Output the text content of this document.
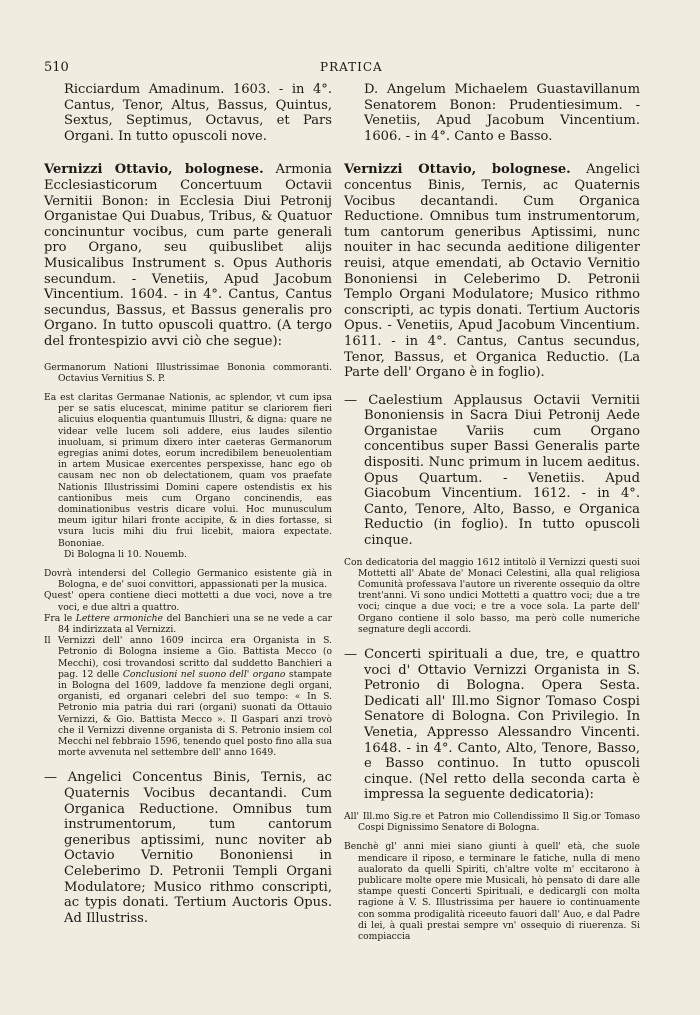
510	PRATICA

Ricciardum Amadinum. 1603. - in 4°. Cantus, Tenor, Altus, Bassus, Quintus, Sextus, Septimus, Octavus, et Pars Organi. In tutto opuscoli nove.

Vernizzi Ottavio, bolognese. Armonia Ecclesiasticorum Concertuum Octavii Vernitii Bonon: in Ecclesia Diui Petronij Organistae Qui Duabus, Tribus, & Quatuor concinuntur vocibus, cum parte generali pro Organo, seu quibuslibet alijs Musicalibus Instrument s. Opus Authoris secundum. - Venetiis, Apud Jacobum Vincentium. 1604. - in 4°. Cantus, Cantus secundus, Bassus, et Bassus generalis pro Organo. In tutto opuscoli quattro. (A tergo del frontespizio avvi ciò che segue):

Germanorum Nationi Illustrissimae Bononia commoranti. Octavius Vernitius S. P.

Ea est claritas Germanae Nationis, ac splendor, vt cum ipsa per se satis elucescat, minime patitur se clariorem fieri alicuius eloquentia quantumuis Illustri, & digna: quare ne videar velle lucem soli addere, eius laudes silentio inuoluam, si primum dixero inter caeteras Germanorum egregias animi dotes, eorum incredibilem beneuolentiam in artem Musicae exercentes perspexisse, hanc ego ob causam nec non ob delectationem, quam vos praefate Nationis Illustrissimi Domini capere ostendistis ex his cantionibus meis cum Organo concinendis, eas dominationibus vestris dicare volui. Hoc munusculum meum igitur hilari fronte accipite, & in dies fortasse, si vsura lucis mihi diu frui licebit, maiora expectate. Bononiae.

Di Bologna li 10. Nouemb.

Dovrà intendersi del Collegio Germanico esistente già in Bologna, e de' suoi convittori, appassionati per la musica.

Quest' opera contiene dieci mottetti a due voci, nove a tre voci, e due altri a quattro.

Fra le Lettere armoniche del Banchieri una se ne vede a car 84 indirizzata al Vernizzi.

Il Vernizzi dell' anno 1609 incirca era Organista in S. Petronio di Bologna insieme a Gio. Battista Mecco (o Mecchi), cosi trovandosi scritto dal suddetto Banchieri a pag. 12 delle Conclusioni nel suono dell' organo stampate in Bologna del 1609, laddove fa menzione degli organi, organisti, ed organari celebri del suo tempo: « In S. Petronio mia patria dui rari (organi) suonati da Ottauio Vernizzi, & Gio. Battista Mecco ». Il Gaspari anzi trovò che il Vernizzi divenne organista di S. Petronio insiem col Mecchi nel febbraio 1596, tenendo quel posto fino alla sua morte avvenuta nel settembre dell' anno 1649.

— Angelici Concentus Binis, Ternis, ac Quaternis Vocibus decantandi. Cum Organica Reductione. Omnibus tum instrumentorum, tum cantorum generibus aptissimi, nunc noviter ab Octavio Vernitio Bononiensi in Celeberimo D. Petronii Templi Organi Modulatore; Musico rithmo conscripti, ac typis donati. Tertium Auctoris Opus. Ad Illustriss.

D. Angelum Michaelem Guastavillanum Senatorem Bonon: Prudentiesimum. - Venetiis, Apud Jacobum Vincentium. 1606. - in 4°. Canto e Basso.

Vernizzi Ottavio, bolognese. Angelici concentus Binis, Ternis, ac Quaternis Vocibus decantandi. Cum Organica Reductione. Omnibus tum instrumentorum, tum cantorum generibus Aptissimi, nunc nouiter in hac secunda aeditione diligenter reuisi, atque emendati, ab Octavio Vernitio Bononiensi in Celeberimo D. Petronii Templo Organi Modulatore; Musico rithmo conscripti, ac typis donati. Tertium Auctoris Opus. - Venetiis, Apud Jacobum Vincentium. 1611. - in 4°. Cantus, Cantus secundus, Tenor, Bassus, et Organica Reductio. (La Parte dell' Organo è in foglio).

— Caelestium Applausus Octavii Vernitii Bononiensis in Sacra Diui Petronij Aede Organistae Variis cum Organo concentibus super Bassi Generalis parte dispositi. Nunc primum in lucem aeditus. Opus Quartum. - Venetiis. Apud Giacobum Vincentium. 1612. - in 4°. Canto, Tenore, Alto, Basso, e Organica Reductio (in foglio). In tutto opuscoli cinque.

Con dedicatoria del maggio 1612 intitolò il Vernizzi questi suoi Mottetti all' Abate de' Monaci Celestini, alla qual religiosa Comunità professava l'autore un riverente ossequio da oltre trent'anni. Vi sono undici Mottetti a quattro voci; due a tre voci; cinque a due voci; e tre a voce sola. La parte dell' Organo contiene il solo basso, ma però colle numeriche segnature degli accordi.

— Concerti spirituali a due, tre, e quattro voci d' Ottavio Vernizzi Organista in S. Petronio di Bologna. Opera Sesta. Dedicati all' Ill.mo Signor Tomaso Cospi Senatore di Bologna. Con Privilegio. In Venetia, Appresso Alessandro Vincenti. 1648. - in 4°. Canto, Alto, Tenore, Basso, e Basso continuo. In tutto opuscoli cinque. (Nel retto della seconda carta è impressa la seguente dedicatoria):

All' Ill.mo Sig.re et Patron mio Collendissimo Il Sig.or Tomaso Cospi Dignissimo Senatore di Bologna.

Benchè gl' anni miei siano giunti à quell' età, che suole mendicare il riposo, e terminare le fatiche, nulla di meno aualorato da quelli Spiriti, ch'altre volte m' eccitarono à publicare molte opere mie Musicali, hò pensato di dare alle stampe questi Concerti Spirituali, e dedicargli con molta ragione à V. S. Illustrissima per hauere io continuamente con somma prodigalità riceeuto fauori dall' Auo, e dal Padre di lei, à quali prestai sempre vn' ossequio di riuerenza. Si compiaccia
